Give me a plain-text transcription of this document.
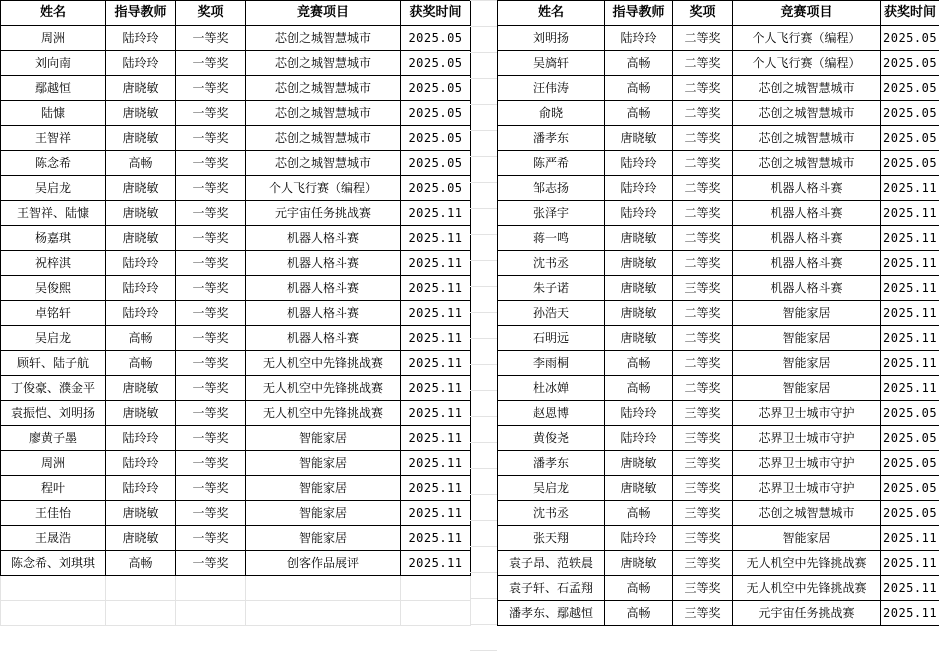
姓名	指导教师	奖项	竞赛项目	获奖时间
周洲	陆玲玲	一等奖	芯创之城智慧城市	2025.05
刘向南	陆玲玲	一等奖	芯创之城智慧城市	2025.05
鄢越恒	唐晓敏	一等奖	芯创之城智慧城市	2025.05
陆慷	唐晓敏	一等奖	芯创之城智慧城市	2025.05
王智祥	唐晓敏	一等奖	芯创之城智慧城市	2025.05
陈念希	高畅	一等奖	芯创之城智慧城市	2025.05
吴启龙	唐晓敏	一等奖	个人飞行赛（编程）	2025.05
王智祥、陆慷	唐晓敏	一等奖	元宇宙任务挑战赛	2025.11
杨嘉琪	唐晓敏	一等奖	机器人格斗赛	2025.11
祝梓淇	陆玲玲	一等奖	机器人格斗赛	2025.11
吴俊熙	陆玲玲	一等奖	机器人格斗赛	2025.11
卓铭轩	陆玲玲	一等奖	机器人格斗赛	2025.11
吴启龙	高畅	一等奖	机器人格斗赛	2025.11
顾轩、陆子航	高畅	一等奖	无人机空中先锋挑战赛	2025.11
丁俊豪、濮金平	唐晓敏	一等奖	无人机空中先锋挑战赛	2025.11
袁振恺、刘明扬	唐晓敏	一等奖	无人机空中先锋挑战赛	2025.11
廖黄子墨	陆玲玲	一等奖	智能家居	2025.11
周洲	陆玲玲	一等奖	智能家居	2025.11
程叶	陆玲玲	一等奖	智能家居	2025.11
王佳怡	唐晓敏	一等奖	智能家居	2025.11
王晟浩	唐晓敏	一等奖	智能家居	2025.11
陈念希、刘琪琪	高畅	一等奖	创客作品展评	2025.11

姓名	指导教师	奖项	竞赛项目	获奖时间
刘明扬	陆玲玲	二等奖	个人飞行赛（编程）	2025.05
吴旖轩	高畅	二等奖	个人飞行赛（编程）	2025.05
汪伟涛	高畅	二等奖	芯创之城智慧城市	2025.05
俞晓	高畅	二等奖	芯创之城智慧城市	2025.05
潘孝东	唐晓敏	二等奖	芯创之城智慧城市	2025.05
陈严希	陆玲玲	二等奖	芯创之城智慧城市	2025.05
邹志扬	陆玲玲	二等奖	机器人格斗赛	2025.11
张泽宇	陆玲玲	二等奖	机器人格斗赛	2025.11
蒋一鸣	唐晓敏	二等奖	机器人格斗赛	2025.11
沈书丞	唐晓敏	二等奖	机器人格斗赛	2025.11
朱子诺	唐晓敏	三等奖	机器人格斗赛	2025.11
孙浩天	唐晓敏	二等奖	智能家居	2025.11
石明远	唐晓敏	二等奖	智能家居	2025.11
李雨桐	高畅	二等奖	智能家居	2025.11
杜冰婵	高畅	二等奖	智能家居	2025.11
赵恩博	陆玲玲	三等奖	芯界卫士城市守护	2025.05
黄俊尧	陆玲玲	三等奖	芯界卫士城市守护	2025.05
潘孝东	唐晓敏	三等奖	芯界卫士城市守护	2025.05
吴启龙	唐晓敏	三等奖	芯界卫士城市守护	2025.05
沈书丞	高畅	三等奖	芯创之城智慧城市	2025.05
张天翔	陆玲玲	三等奖	智能家居	2025.11
袁子昂、范轶晨	唐晓敏	三等奖	无人机空中先锋挑战赛	2025.11
袁子轩、石孟翔	高畅	三等奖	无人机空中先锋挑战赛	2025.11
潘孝东、鄢越恒	高畅	三等奖	元宇宙任务挑战赛	2025.11
